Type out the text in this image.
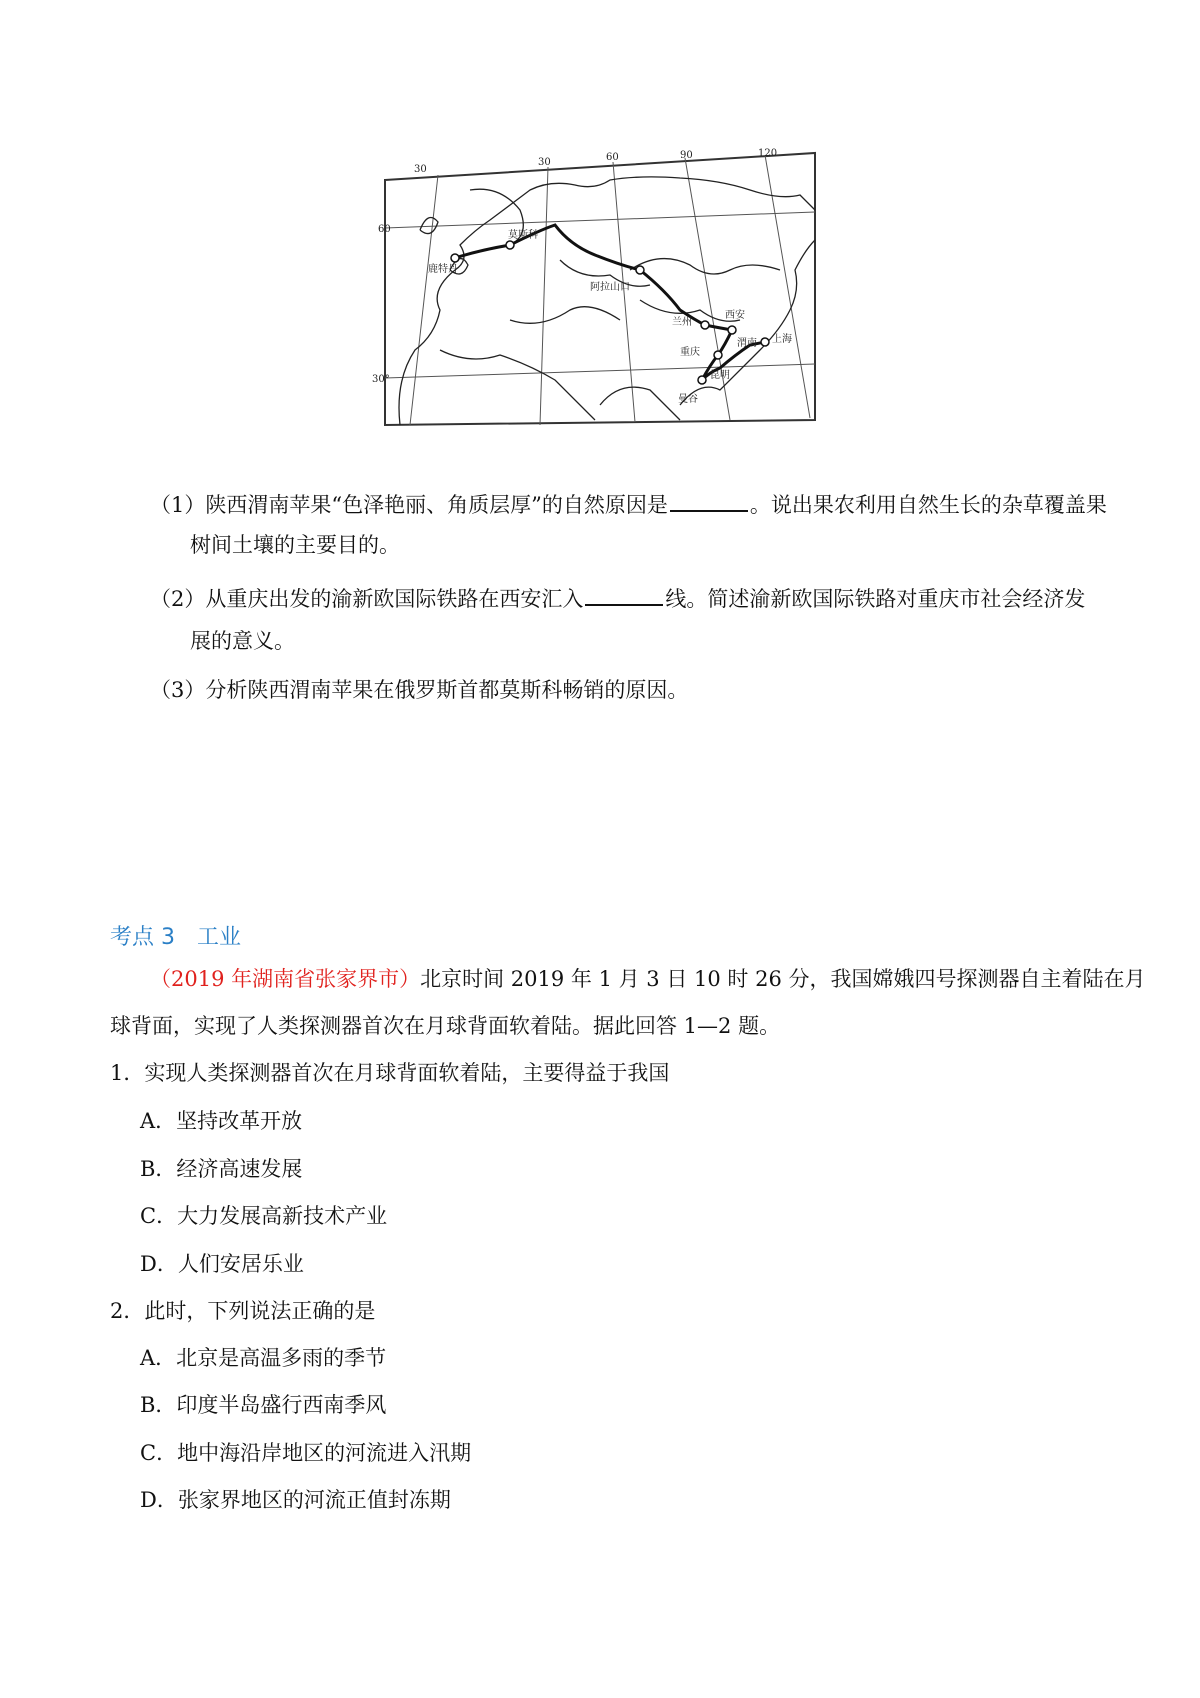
30
30	60	90	120
60
30°
鹿特丹
莫斯科
阿拉山口
兰州
西安
重庆
渭南
昆明
上海
曼谷
（1）陕西渭南苹果“色泽艳丽、角质层厚”的自然原因是	。说出果农利用自然生长的杂草覆盖果
树间土壤的主要目的。
（2）从重庆出发的渝新欧国际铁路在西安汇入	线。简述渝新欧国际铁路对重庆市社会经济发
展的意义。
（3）分析陕西渭南苹果在俄罗斯首都莫斯科畅销的原因。
考点 3　工业
（2019 年湖南省张家界市）北京时间 2019 年 1 月 3 日 10 时 26 分，我国嫦娥四号探测器自主着陆在月
球背面，实现了人类探测器首次在月球背面软着陆。据此回答 1—2 题。
1．实现人类探测器首次在月球背面软着陆，主要得益于我国
A．坚持改革开放
B．经济高速发展
C．大力发展高新技术产业
D．人们安居乐业
2．此时，下列说法正确的是
A．北京是高温多雨的季节
B．印度半岛盛行西南季风
C．地中海沿岸地区的河流进入汛期
D．张家界地区的河流正值封冻期
